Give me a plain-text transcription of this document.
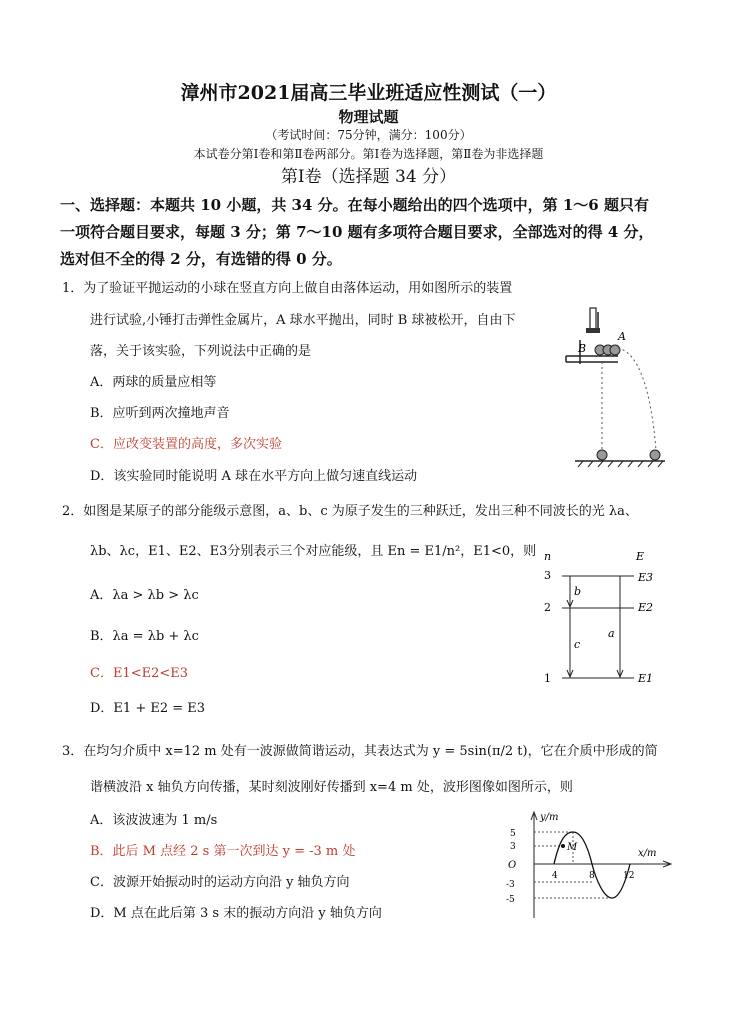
漳州市2021届高三毕业班适应性测试（一）
物理试题
（考试时间：75分钟，满分：100分）
本试卷分第Ⅰ卷和第Ⅱ卷两部分。第Ⅰ卷为选择题，第Ⅱ卷为非选择题
第Ⅰ卷（选择题 34 分）
一、选择题：本题共 10 小题，共 34 分。在每小题给出的四个选项中，第 1～6 题只有
一项符合题目要求，每题 3 分；第 7～10 题有多项符合题目要求，全部选对的得 4 分，
选对但不全的得 2 分，有选错的得 0 分。
1．为了验证平抛运动的小球在竖直方向上做自由落体运动，用如图所示的装置
进行试验,小锤打击弹性金属片，A 球水平抛出，同时 B 球被松开，自由下
落，关于该实验，下列说法中正确的是
A．两球的质量应相等
B．应听到两次撞地声音
C．应改变装置的高度，多次实验
D．该实验同时能说明 A 球在水平方向上做匀速直线运动
A
B
2．如图是某原子的部分能级示意图，a、b、c 为原子发生的三种跃迁，发出三种不同波长的光 λa、
λb、λc，E1、E2、E3分别表示三个对应能级，且 En = E1/n²，E1<0，则
A．λa > λb > λc
B．λa = λb + λc
C．E1<E2<E3
D．E1 + E2 = E3
n	E
3
2
1
E3
E2
E1
b
c
a
3．在均匀介质中 x=12 m 处有一波源做简谐运动，其表达式为 y = 5sin(π/2 t)，它在介质中形成的简
谐横波沿 x 轴负方向传播，某时刻波刚好传播到 x=4 m 处，波形图像如图所示，则
A．该波波速为 1 m/s
B．此后 M 点经 2 s 第一次到达 y = -3 m 处
C．波源开始振动时的运动方向沿 y 轴负方向
D．M 点在此后第 3 s 末的振动方向沿 y 轴负方向
y/m
x/m
O
5
3
-3
-5
4	8	12
M
